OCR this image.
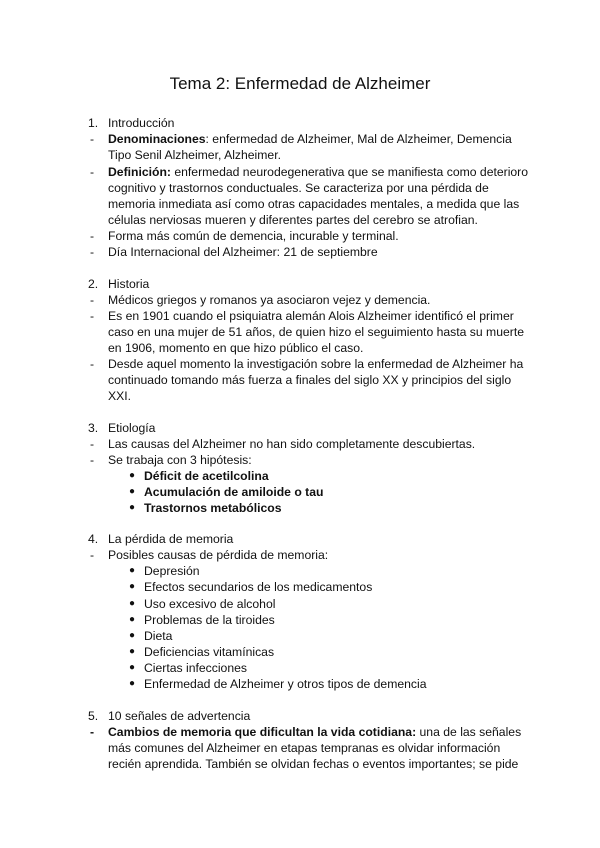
Tema 2: Enfermedad de Alzheimer
1. Introducción
- Denominaciones: enfermedad de Alzheimer, Mal de Alzheimer, Demencia
Tipo Senil Alzheimer, Alzheimer.
- Definición: enfermedad neurodegenerativa que se manifiesta como deterioro
cognitivo y trastornos conductuales. Se caracteriza por una pérdida de
memoria inmediata así como otras capacidades mentales, a medida que las
células nerviosas mueren y diferentes partes del cerebro se atrofian.
- Forma más común de demencia, incurable y terminal.
- Día Internacional del Alzheimer: 21 de septiembre
2. Historia
- Médicos griegos y romanos ya asociaron vejez y demencia.
- Es en 1901 cuando el psiquiatra alemán Alois Alzheimer identificó el primer
caso en una mujer de 51 años, de quien hizo el seguimiento hasta su muerte
en 1906, momento en que hizo público el caso.
- Desde aquel momento la investigación sobre la enfermedad de Alzheimer ha
continuado tomando más fuerza a finales del siglo XX y principios del siglo
XXI.
3. Etiología
- Las causas del Alzheimer no han sido completamente descubiertas.
- Se trabaja con 3 hipótesis:
● Déficit de acetilcolina
● Acumulación de amiloide o tau
● Trastornos metabólicos
4. La pérdida de memoria
- Posibles causas de pérdida de memoria:
● Depresión
● Efectos secundarios de los medicamentos
● Uso excesivo de alcohol
● Problemas de la tiroides
● Dieta
● Deficiencias vitamínicas
● Ciertas infecciones
● Enfermedad de Alzheimer y otros tipos de demencia
5. 10 señales de advertencia
- Cambios de memoria que dificultan la vida cotidiana: una de las señales
más comunes del Alzheimer en etapas tempranas es olvidar información
recién aprendida. También se olvidan fechas o eventos importantes; se pide
